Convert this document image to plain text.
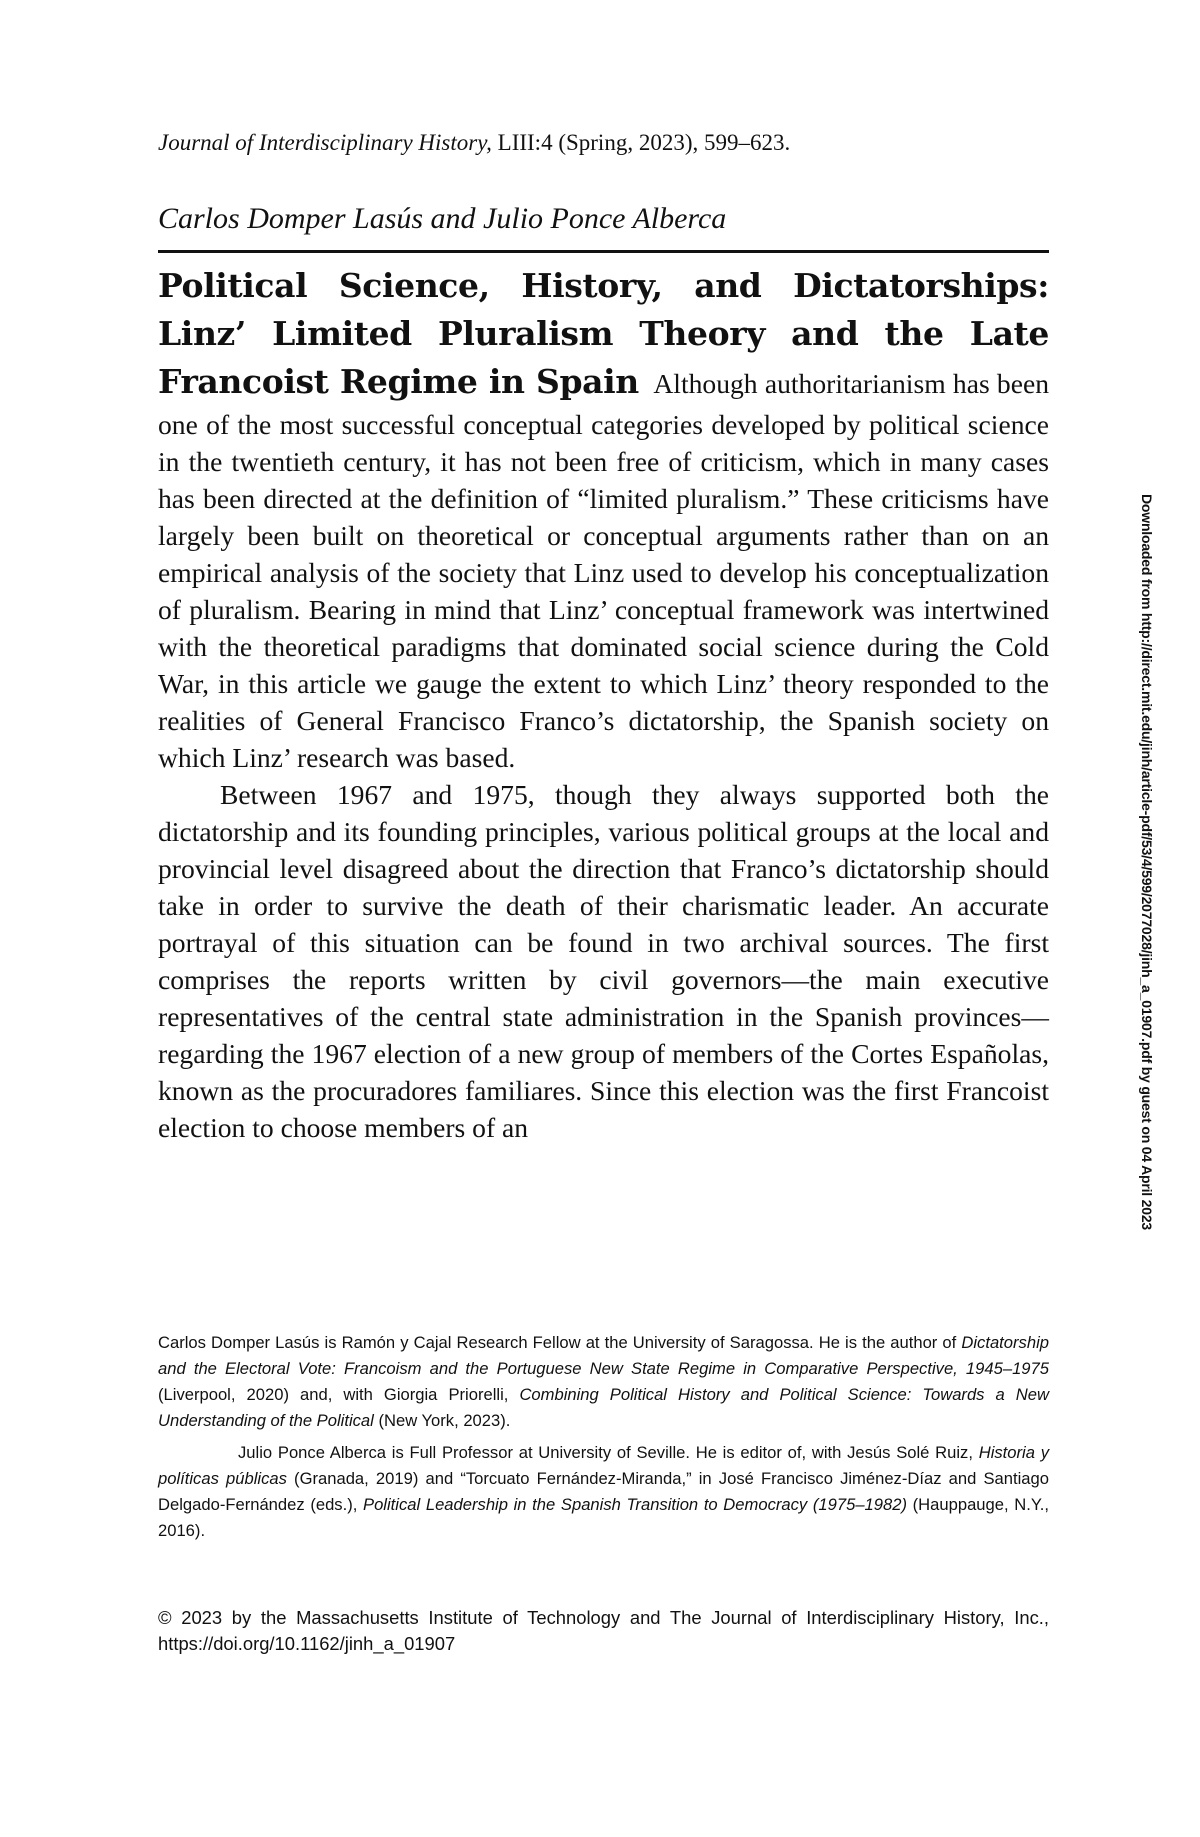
Journal of Interdisciplinary History, LIII:4 (Spring, 2023), 599–623.
Carlos Domper Lasús and Julio Ponce Alberca

Political Science, History, and Dictatorships: Linz’ Limited Pluralism Theory and the Late Francoist Regime in Spain Although authoritarianism has been one of the most successful conceptual categories developed by political science in the twentieth century, it has not been free of criticism, which in many cases has been directed at the definition of “limited pluralism.” These criticisms have largely been built on theoretical or conceptual arguments rather than on an empirical analysis of the society that Linz used to develop his conceptualization of pluralism. Bearing in mind that Linz’ conceptual framework was intertwined with the theoretical paradigms that dominated social science during the Cold War, in this article we gauge the extent to which Linz’ theory responded to the realities of General Francisco Franco’s dictatorship, the Spanish society on which Linz’ research was based.

Between 1967 and 1975, though they always supported both the dictatorship and its founding principles, various political groups at the local and provincial level disagreed about the direction that Franco’s dictatorship should take in order to survive the death of their charismatic leader. An accurate portrayal of this situation can be found in two archival sources. The first comprises the reports written by civil governors—the main executive representatives of the central state administration in the Spanish provinces—regarding the 1967 election of a new group of members of the Cortes Españolas, known as the procuradores familiares. Since this election was the first Francoist election to choose members of an

Carlos Domper Lasús is Ramón y Cajal Research Fellow at the University of Saragossa. He is the author of Dictatorship and the Electoral Vote: Francoism and the Portuguese New State Regime in Comparative Perspective, 1945–1975 (Liverpool, 2020) and, with Giorgia Priorelli, Combining Political History and Political Science: Towards a New Understanding of the Political (New York, 2023).

Julio Ponce Alberca is Full Professor at University of Seville. He is editor of, with Jesús Solé Ruiz, Historia y políticas públicas (Granada, 2019) and “Torcuato Fernández-Miranda,” in José Francisco Jiménez-Díaz and Santiago Delgado-Fernández (eds.), Political Leadership in the Spanish Transition to Democracy (1975–1982) (Hauppauge, N.Y., 2016).

© 2023 by the Massachusetts Institute of Technology and The Journal of Interdisciplinary History, Inc., https://doi.org/10.1162/jinh_a_01907
Downloaded from http://direct.mit.edu/jinh/article-pdf/53/4/599/2077028/jinh_a_01907.pdf by guest on 04 April 2023
